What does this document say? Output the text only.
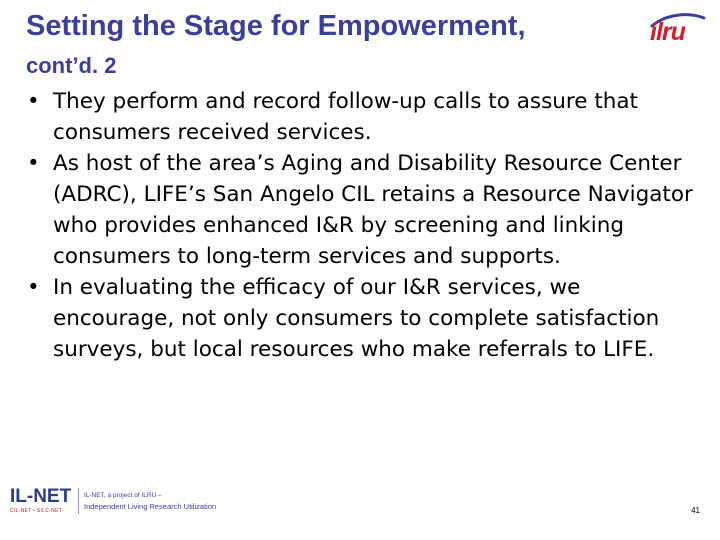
Setting the Stage for Empowerment,
cont’d. 2
ilru
• They perform and record follow-up calls to assure that consumers received services.
• As host of the area’s Aging and Disability Resource Center (ADRC), LIFE’s San Angelo CIL retains a Resource Navigator who provides enhanced I&R by screening and linking consumers to long-term services and supports.
• In evaluating the efficacy of our I&R services, we encourage, not only consumers to complete satisfaction surveys, but local resources who make referrals to LIFE.
IL-NET
CIL-NET • SILC-NET
IL-NET, a project of ILRU –
Independent Living Research Utilization	41
